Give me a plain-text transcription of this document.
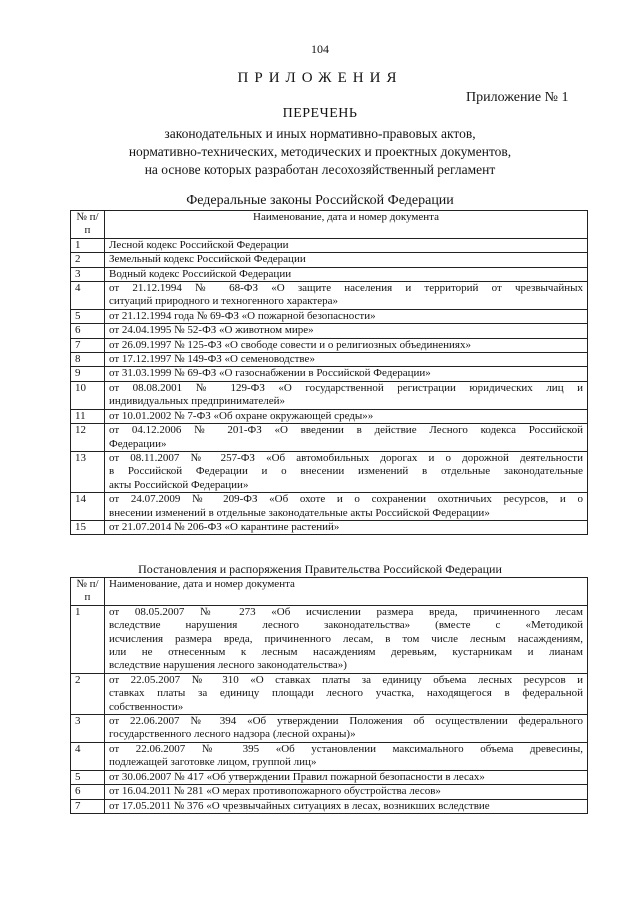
104
ПРИЛОЖЕНИЯ
Приложение № 1
ПЕРЕЧЕНЬ
законодательных и иных нормативно-правовых актов,
нормативно-технических, методических и проектных документов,
на основе которых разработан лесохозяйственный регламент
Федеральные законы Российской Федерации
№ п/п	Наименование, дата и номер документа
1	Лесной кодекс Российской Федерации

2	Земельный кодекс Российской Федерации

3	Водный кодекс Российской Федерации

4	от 21.12.1994 № 68-ФЗ «О защите населения и территорий от чрезвычайных
ситуаций природного и техногенного характера»

5	от 21.12.1994 года № 69-ФЗ «О пожарной безопасности»

6	от 24.04.1995 № 52-ФЗ «О животном мире»

7	от 26.09.1997 № 125-ФЗ «О свободе совести и о религиозных объединениях»

8	от 17.12.1997 № 149-ФЗ «О семеноводстве»

9	от 31.03.1999 № 69-ФЗ «О газоснабжении в Российской Федерации»

10	от 08.08.2001 № 129-ФЗ «О государственной регистрации юридических лиц и
индивидуальных предпринимателей»

11	от 10.01.2002 № 7-ФЗ «Об охране окружающей среды»»

12	от 04.12.2006 № 201-ФЗ «О введении в действие Лесного кодекса Российской
Федерации»

13	от 08.11.2007 № 257-ФЗ «Об автомобильных дорогах и о дорожной деятельности
в Российской Федерации и о внесении изменений в отдельные законодательные
акты Российской Федерации»

14	от 24.07.2009 № 209-ФЗ «Об охоте и о сохранении охотничьих ресурсов, и о
внесении изменений в отдельные законодательные акты Российской Федерации»

15	от 21.07.2014 № 206-ФЗ «О карантине растений»
Постановления и распоряжения Правительства Российской Федерации
№ п/п	Наименование, дата и номер документа
1	от 08.05.2007 № 273 «Об исчислении размера вреда, причиненного лесам
вследствие нарушения лесного законодательства» (вместе с «Методикой
исчисления размера вреда, причиненного лесам, в том числе лесным насаждениям,
или не отнесенным к лесным насаждениям деревьям, кустарникам и лианам
вследствие нарушения лесного законодательства»)

2	от 22.05.2007 № 310 «О ставках платы за единицу объема лесных ресурсов и
ставках платы за единицу площади лесного участка, находящегося в федеральной
собственности»

3	от 22.06.2007 № 394 «Об утверждении Положения об осуществлении федерального
государственного лесного надзора (лесной охраны)»

4	от 22.06.2007 № 395 «Об установлении максимального объема древесины,
подлежащей заготовке лицом, группой лиц»

5	от 30.06.2007 № 417 «Об утверждении Правил пожарной безопасности в лесах»

6	от 16.04.2011 № 281 «О мерах противопожарного обустройства лесов»

7	от 17.05.2011 № 376 «О чрезвычайных ситуациях в лесах, возникших вследствие
